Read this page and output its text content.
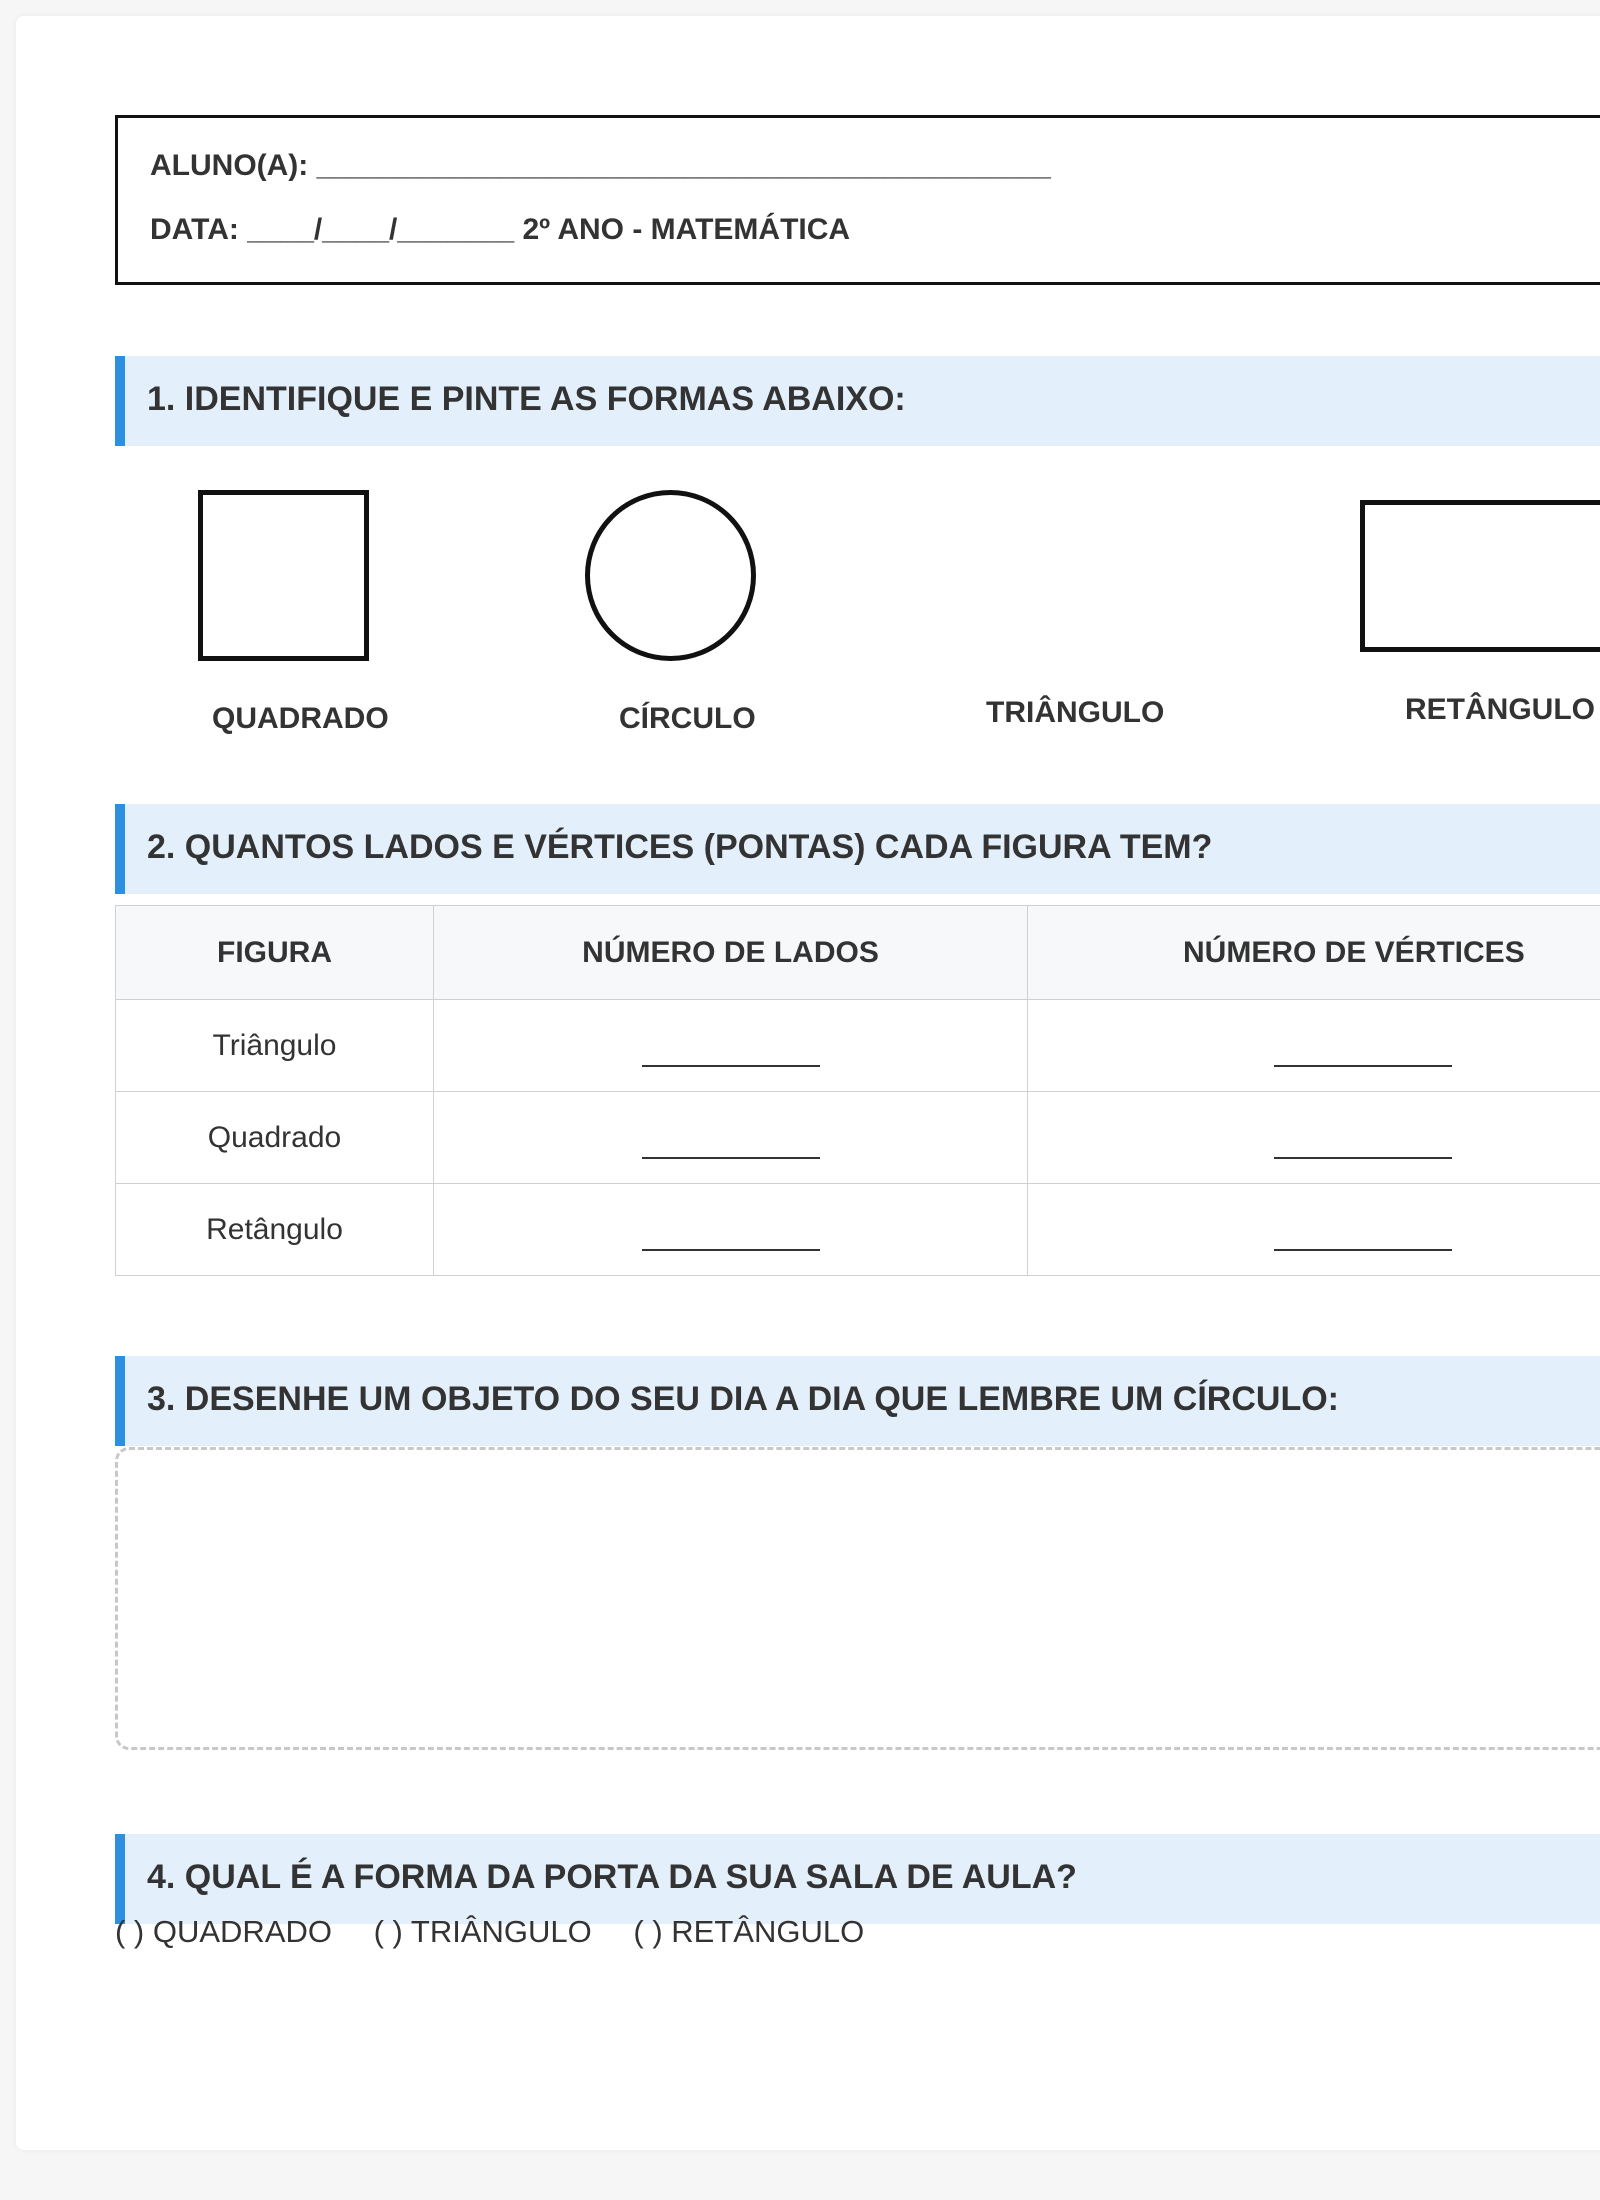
ALUNO(A): ____________________________________________
DATA: ____/____/_______ 2º ANO - MATEMÁTICA
1. IDENTIFIQUE E PINTE AS FORMAS ABAIXO:
QUADRADO	CÍRCULO	TRIÂNGULO	RETÂNGULO
2. QUANTOS LADOS E VÉRTICES (PONTAS) CADA FIGURA TEM?
FIGURA	NÚMERO DE LADOS	NÚMERO DE VÉRTICES
Triângulo		
Quadrado		
Retângulo		
3. DESENHE UM OBJETO DO SEU DIA A DIA QUE LEMBRE UM CÍRCULO:
4. QUAL É A FORMA DA PORTA DA SUA SALA DE AULA?
( ) QUADRADO ( ) TRIÂNGULO ( ) RETÂNGULO
